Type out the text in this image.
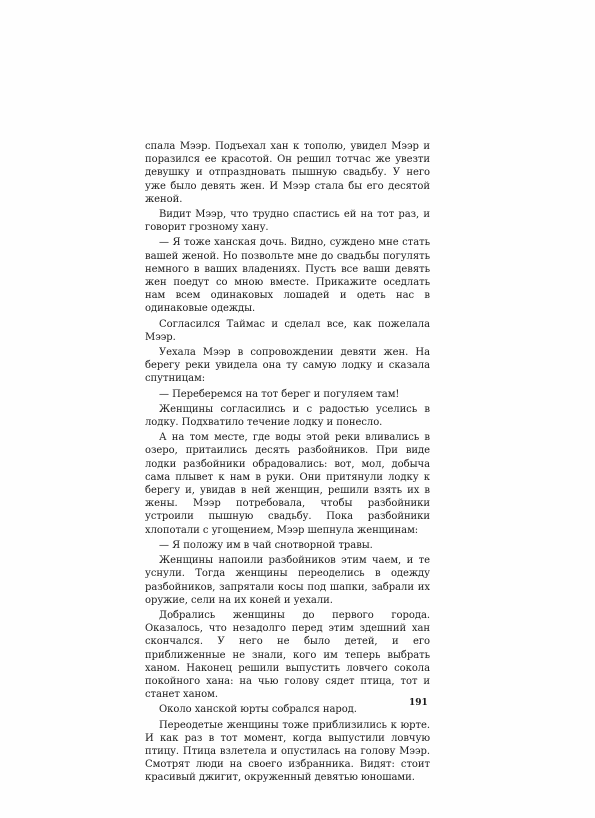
спала Мээр. Подъехал хан к тополю, увидел Мээр и поразился ее красотой. Он решил тотчас же увезти девушку и отпраздновать пышную свадьбу. У него уже было девять жен. И Мээр стала бы его десятой женой.

Видит Мээр, что трудно спастись ей на тот раз, и говорит грозному хану.

— Я тоже ханская дочь. Видно, суждено мне стать вашей женой. Но позвольте мне до свадьбы погулять немного в ваших владениях. Пусть все ваши девять жен поедут со мною вместе. Прикажите оседлать нам всем одинаковых лошадей и одеть нас в одинаковые одежды.

Согласился Таймас и сделал все, как пожелала Мээр.

Уехала Мээр в сопровождении девяти жен. На берегу реки увидела она ту самую лодку и сказала спутницам:

— Переберемся на тот берег и погуляем там!

Женщины согласились и с радостью уселись в лодку. Подхватило течение лодку и понесло.

А на том месте, где воды этой реки вливались в озеро, притаились десять разбойников. При виде лодки разбойники обрадовались: вот, мол, добыча сама плывет к нам в руки. Они притянули лодку к берегу и, увидав в ней женщин, решили взять их в жены. Мээр потребовала, чтобы разбойники устроили пышную свадьбу. Пока разбойники хлопотали с угощением, Мээр шепнула женщинам:

— Я положу им в чай снотворной травы.

Женщины напоили разбойников этим чаем, и те уснули. Тогда женщины переоделись в одежду разбойников, запрятали косы под шапки, забрали их оружие, сели на их коней и уехали.

Добрались женщины до первого города. Оказалось, что незадолго перед этим здешний хан скончался. У него не было детей, и его приближенные не знали, кого им теперь выбрать ханом. Наконец решили выпустить ловчего сокола покойного хана: на чью голову сядет птица, тот и станет ханом.

Около ханской юрты собрался народ.

Переодетые женщины тоже приблизились к юрте. И как раз в тот момент, когда выпустили ловчую птицу. Птица взлетела и опустилась на голову Мээр. Смотрят люди на своего избранника. Видят: стоит красивый джигит, окруженный девятью юношами.

191
